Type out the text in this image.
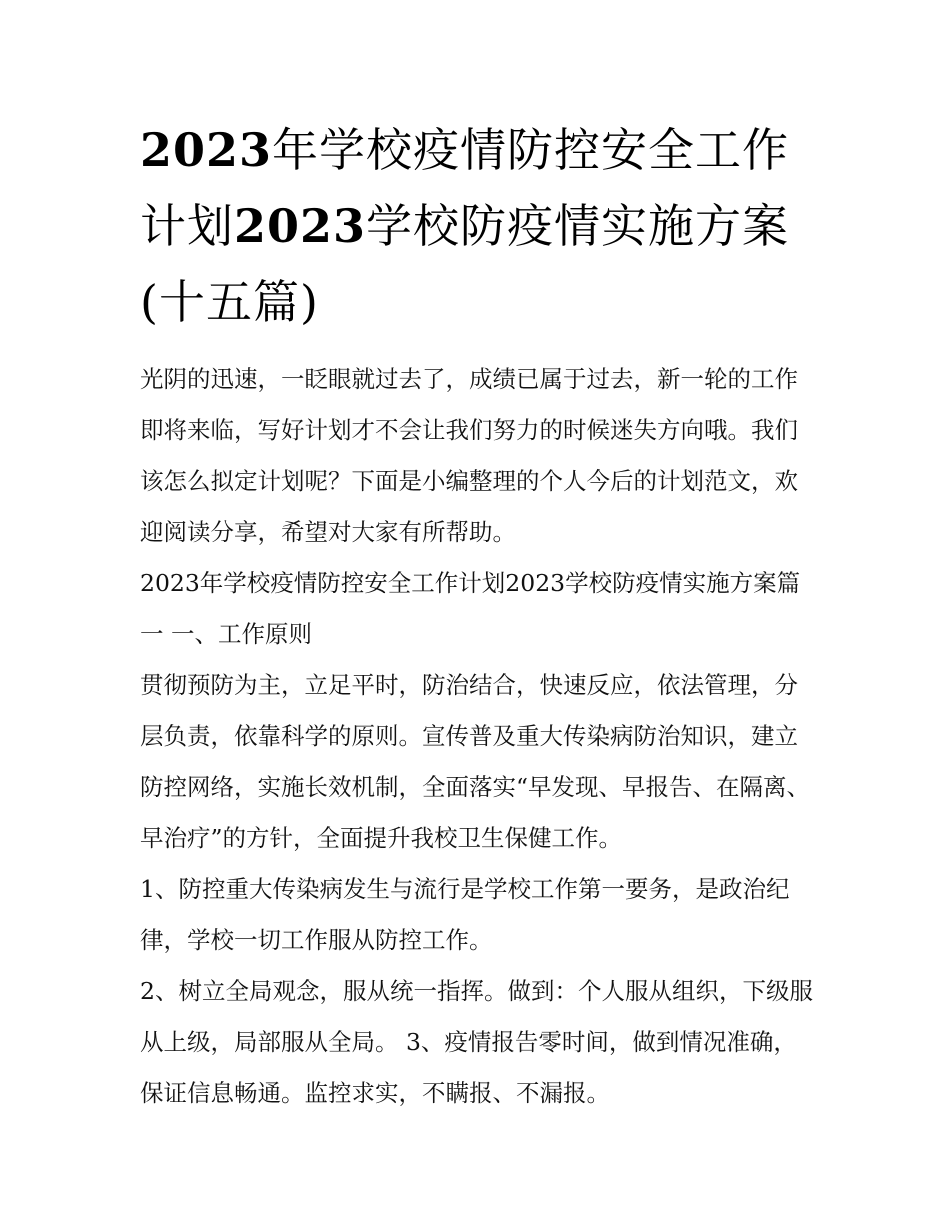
2023年学校疫情防控安全工作计划2023学校防疫情实施方案(十五篇)

光阴的迅速，一眨眼就过去了，成绩已属于过去，新一轮的工作即将来临，写好计划才不会让我们努力的时候迷失方向哦。我们该怎么拟定计划呢？下面是小编整理的个人今后的计划范文，欢迎阅读分享，希望对大家有所帮助。

2023年学校疫情防控安全工作计划2023学校防疫情实施方案篇一 一、工作原则

贯彻预防为主，立足平时，防治结合，快速反应，依法管理，分层负责，依靠科学的原则。宣传普及重大传染病防治知识，建立防控网络，实施长效机制，全面落实“早发现、早报告、在隔离、早治疗”的方针，全面提升我校卫生保健工作。

1、防控重大传染病发生与流行是学校工作第一要务，是政治纪律，学校一切工作服从防控工作。

2、树立全局观念，服从统一指挥。做到：个人服从组织，下级服从上级，局部服从全局。 3、疫情报告零时间，做到情况准确，保证信息畅通。监控求实，不瞒报、不漏报。
